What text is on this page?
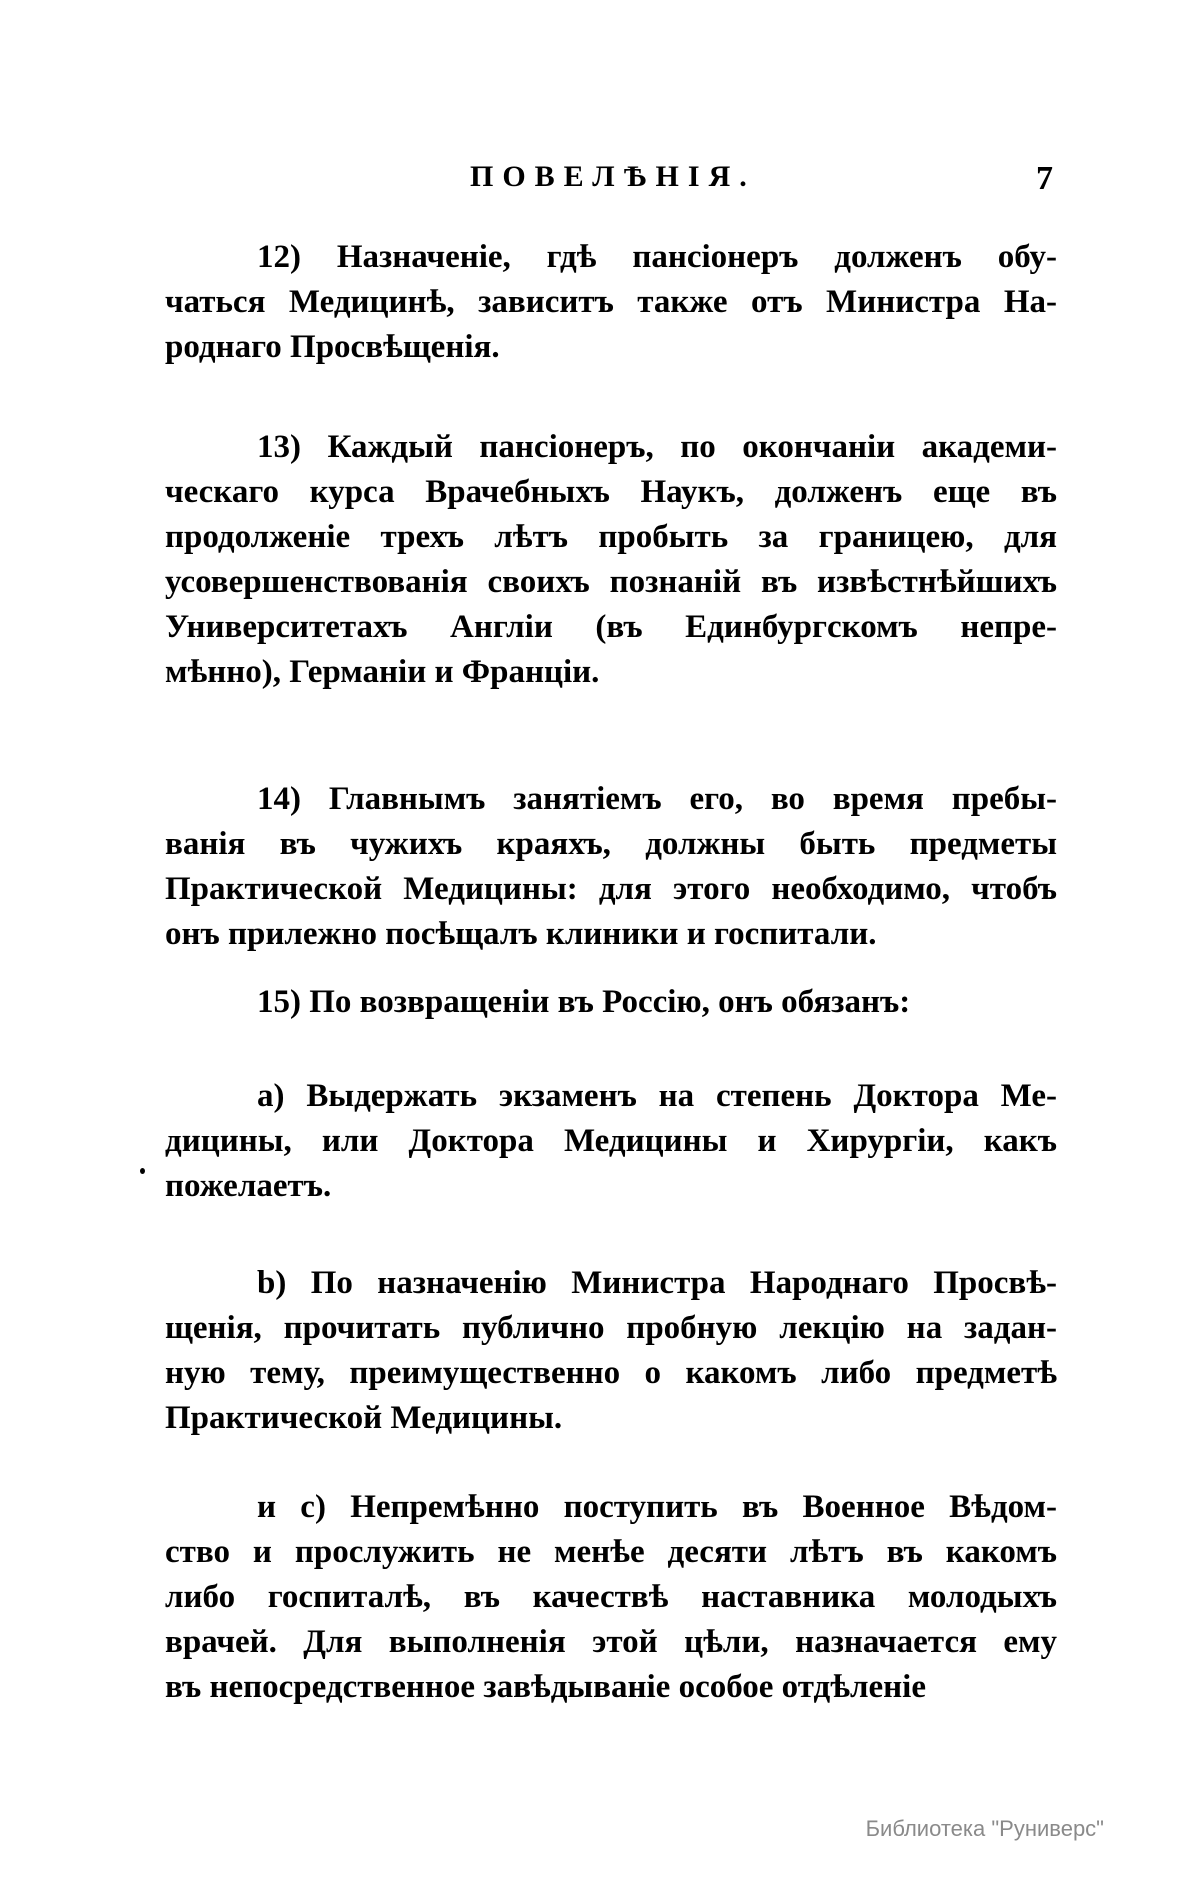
ПОВЕЛѢНІЯ.	7
12) Назначеніе, гдѣ пансіонеръ долженъ обу-
чаться Медицинѣ, зависитъ также отъ Министра На-
роднаго Просвѣщенія.
13) Каждый пансіонеръ, по окончаніи академи-
ческаго курса Врачебныхъ Наукъ, долженъ еще въ
продолженіе трехъ лѣтъ пробыть за границею, для
усовершенствованія своихъ познаній въ извѣстнѣйшихъ
Университетахъ Англіи (въ Единбургскомъ непре-
мѣнно), Германіи и Франціи.
14) Главнымъ занятіемъ его, во время пребы-
ванія въ чужихъ краяхъ, должны быть предметы
Практической Медицины: для этого необходимо, чтобъ
онъ прилежно посѣщалъ клиники и госпитали.
15) По возвращеніи въ Россію, онъ обязанъ:
a) Выдержать экзаменъ на степень Доктора Ме-
дицины, или Доктора Медицины и Хирургіи, какъ
пожелаетъ.
b) По назначенію Министра Народнаго Просвѣ-
щенія, прочитать публично пробную лекцію на задан-
ную тему, преимущественно о какомъ либо предметѣ
Практической Медицины.
и c) Непремѣнно поступить въ Военное Вѣдом-
ство и прослужить не менѣе десяти лѣтъ въ какомъ
либо госпиталѣ, въ качествѣ наставника молодыхъ
врачей. Для выполненія этой цѣли, назначается ему
въ непосредственное завѣдываніе особое отдѣленіе
Библиотека "Руниверс"
